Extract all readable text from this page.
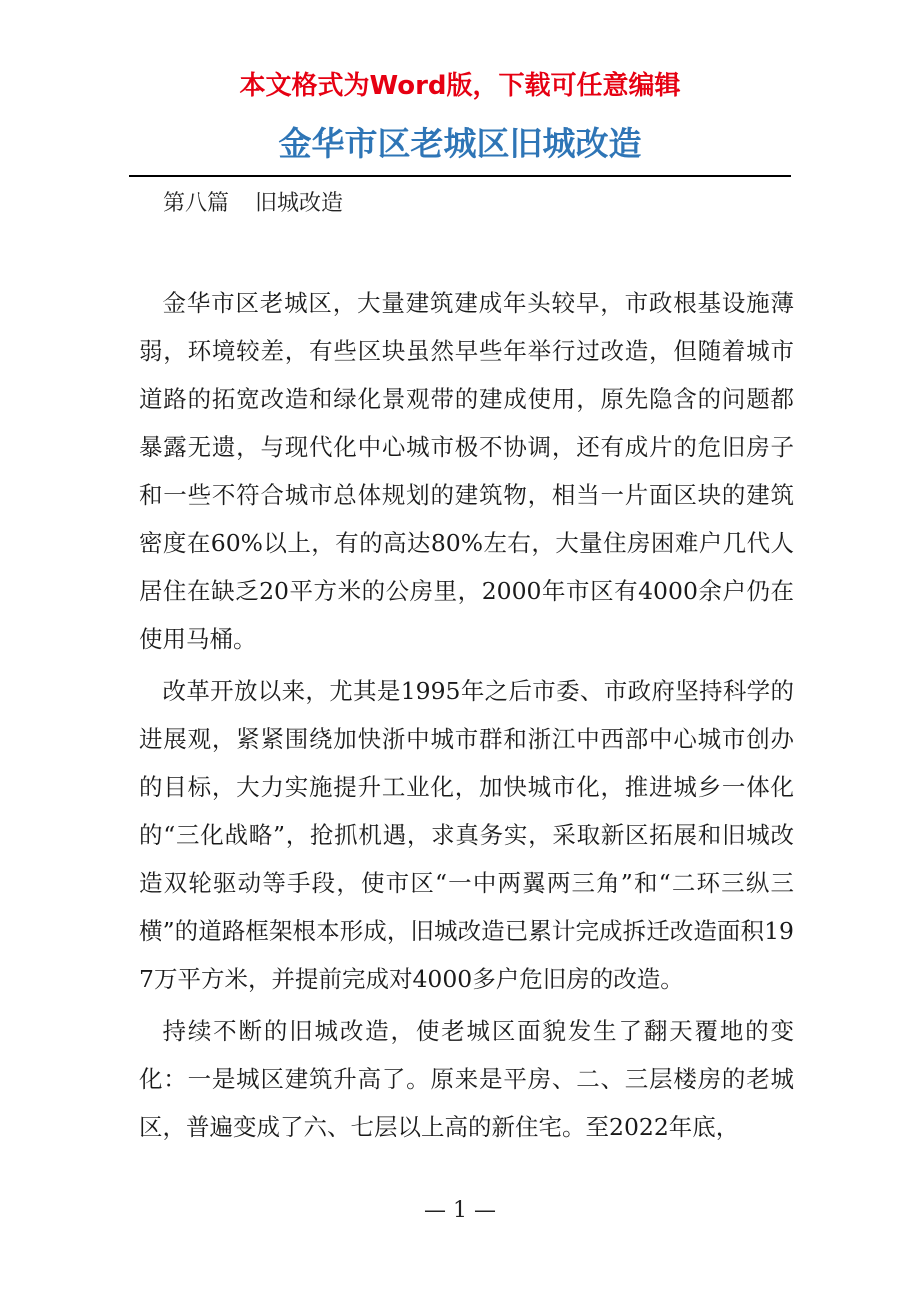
本文格式为Word版，下载可任意编辑
金华市区老城区旧城改造
第八篇 旧城改造

金华市区老城区，大量建筑建成年头较早，市政根基设施薄弱，环境较差，有些区块虽然早些年举行过改造，但随着城市道路的拓宽改造和绿化景观带的建成使用，原先隐含的问题都暴露无遗，与现代化中心城市极不协调，还有成片的危旧房子和一些不符合城市总体规划的建筑物，相当一片面区块的建筑密度在60%以上，有的高达80%左右，大量住房困难户几代人居住在缺乏20平方米的公房里，2000年市区有4000余户仍在使用马桶。

改革开放以来，尤其是1995年之后市委、市政府坚持科学的进展观，紧紧围绕加快浙中城市群和浙江中西部中心城市创办的目标，大力实施提升工业化，加快城市化，推进城乡一体化的“三化战略”，抢抓机遇，求真务实，采取新区拓展和旧城改造双轮驱动等手段，使市区“一中两翼两三角”和“二环三纵三横”的道路框架根本形成，旧城改造已累计完成拆迁改造面积197万平方米，并提前完成对4000多户危旧房的改造。

持续不断的旧城改造，使老城区面貌发生了翻天覆地的变化：一是城区建筑升高了。原来是平房、二、三层楼房的老城区，普遍变成了六、七层以上高的新住宅。至2022年底，

— 1 —
